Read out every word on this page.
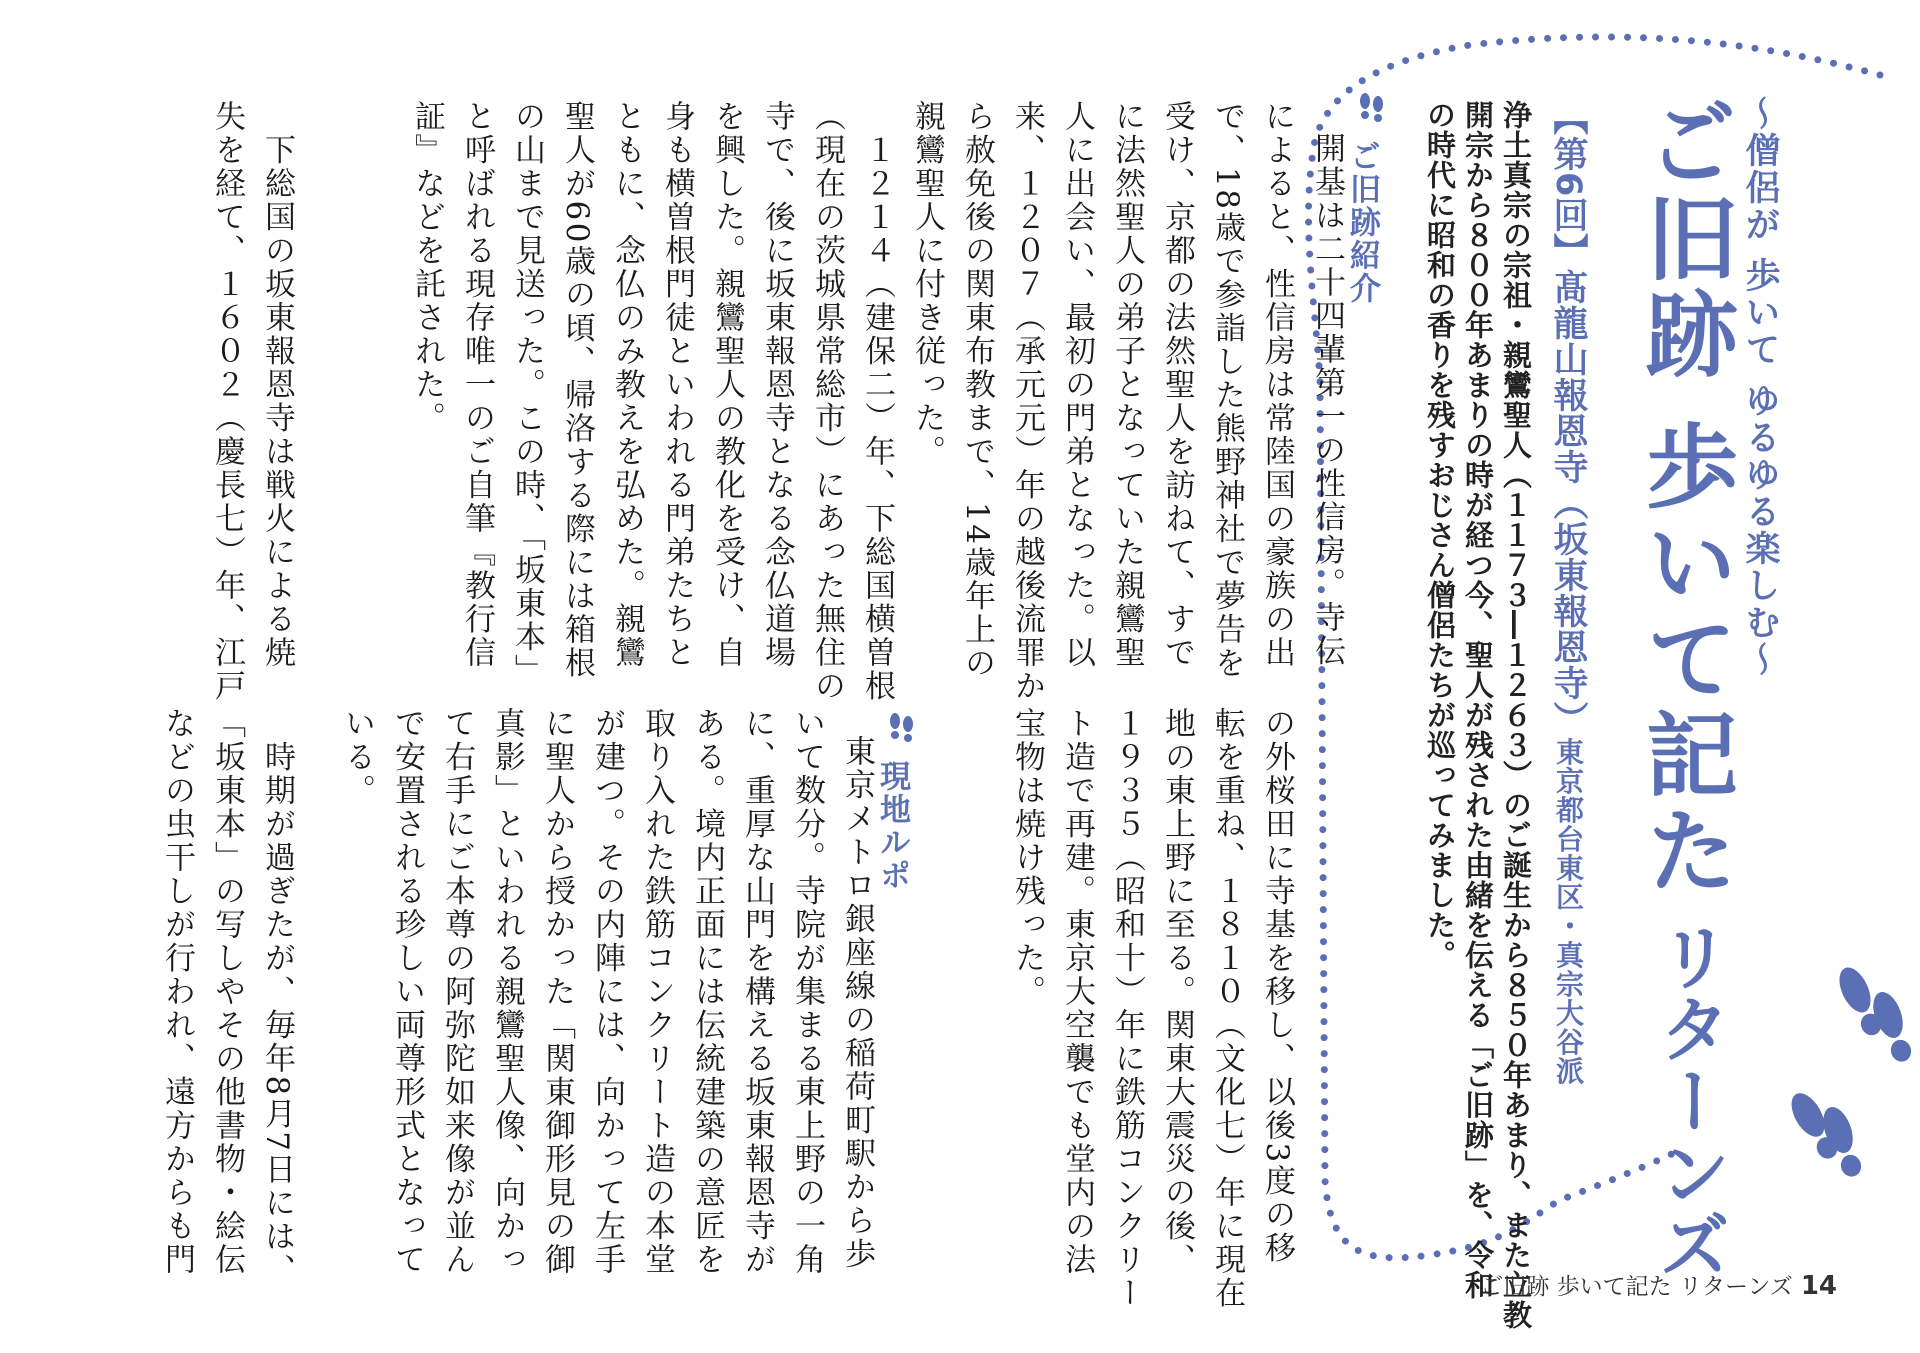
〜僧侶が 歩いて ゆるゆる楽しむ〜
ご旧跡 歩いて記た
リターンズ
【第6回】髙龍山報恩寺（坂東報恩寺）東京都台東区・真宗大谷派
浄土真宗の宗祖・親鸞聖人（１１７３―１２６３）のご誕生から８５０年あまり、また立教
開宗から８００年あまりの時が経つ今、聖人が残された由緒を伝える「ご旧跡」を、令和
の時代に昭和の香りを残すおじさん僧侶たちが巡ってみました。
ご旧跡紹介
現地ルポ
開基は二十四輩第一の性信房。寺伝
によると、性信房は常陸国の豪族の出
で、18歳で参詣した熊野神社で夢告を
受け、京都の法然聖人を訪ねて、すで
に法然聖人の弟子となっていた親鸞聖
人に出会い、最初の門弟となった。以
来、１２０７（承元元）年の越後流罪か
ら赦免後の関東布教まで、14歳年上の
親鸞聖人に付き従った。
　１２１４（建保二）年、下総国横曽根
（現在の茨城県常総市）にあった無住の
寺で、後に坂東報恩寺となる念仏道場
を興した。親鸞聖人の教化を受け、自
身も横曽根門徒といわれる門弟たちと
ともに、念仏のみ教えを弘めた。親鸞
聖人が60歳の頃、帰洛する際には箱根
の山まで見送った。この時、「坂東本」
と呼ばれる現存唯一のご自筆『教行信
証』などを託された。
　下総国の坂東報恩寺は戦火による焼
失を経て、１６０２（慶長七）年、江戸
の外桜田に寺基を移し、以後3度の移
転を重ね、１８１０（文化七）年に現在
地の東上野に至る。関東大震災の後、
１９３５（昭和十）年に鉄筋コンクリー
ト造で再建。東京大空襲でも堂内の法
宝物は焼け残った。
東京メトロ銀座線の稲荷町駅から歩
いて数分。寺院が集まる東上野の一角
に、重厚な山門を構える坂東報恩寺が
ある。境内正面には伝統建築の意匠を
取り入れた鉄筋コンクリート造の本堂
が建つ。その内陣には、向かって左手
に聖人から授かった「関東御形見の御
真影」といわれる親鸞聖人像、向かっ
て右手にご本尊の阿弥陀如来像が並ん
で安置される珍しい両尊形式となって
いる。
　時期が過ぎたが、毎年8月7日には、
「坂東本」の写しやその他書物・絵伝
などの虫干しが行われ、遠方からも門
ご旧跡 歩いて記た リターンズ 14
